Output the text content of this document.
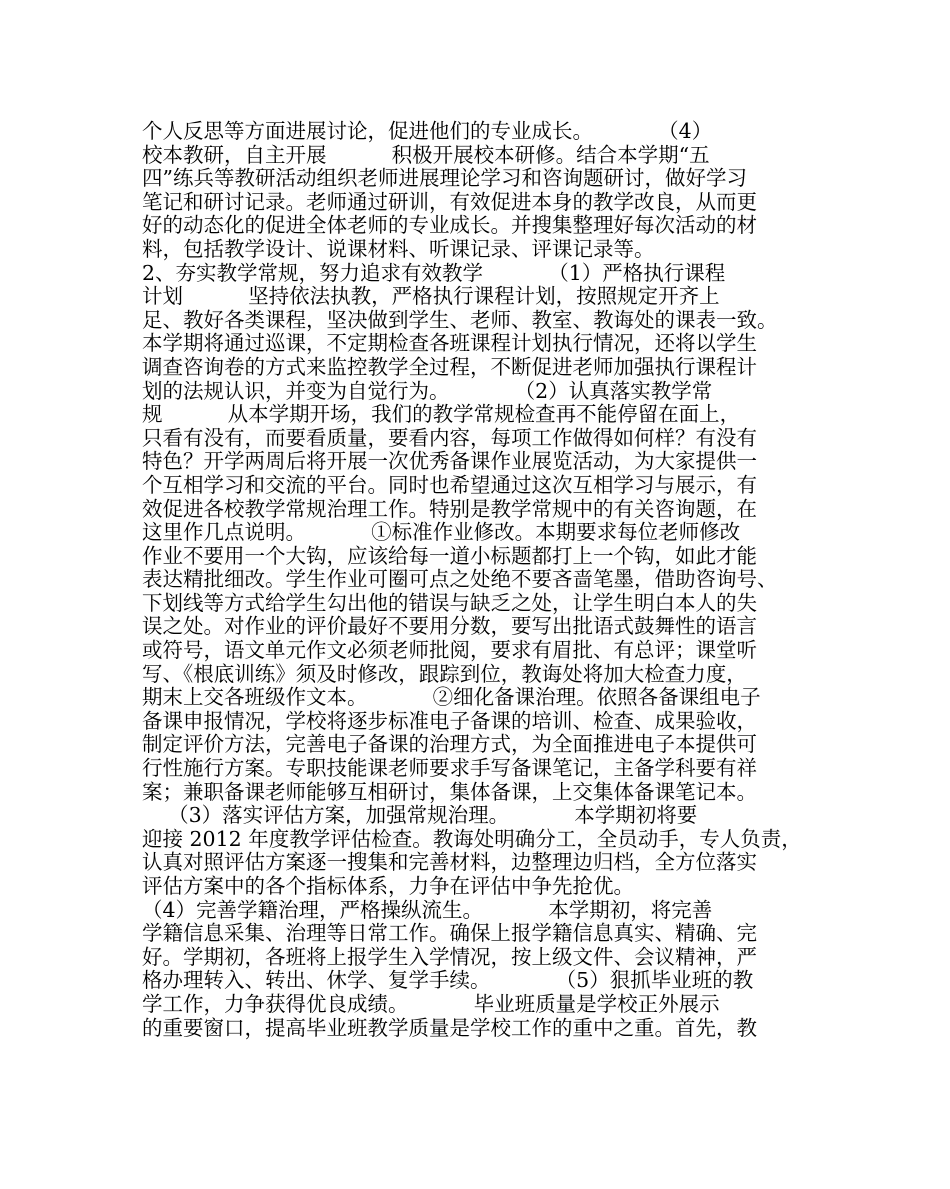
个人反思等方面进展讨论，促进他们的专业成长。          （4）
校本教研，自主开展          积极开展校本研修。结合本学期“五
四”练兵等教研活动组织老师进展理论学习和咨询题研讨，做好学习
笔记和研讨记录。老师通过研训，有效促进本身的教学改良，从而更
好的动态化的促进全体老师的专业成长。并搜集整理好每次活动的材
料，包括教学设计、说课材料、听课记录、评课记录等。
2、夯实教学常规，努力追求有效教学          （1）严格执行课程
计划          坚持依法执教，严格执行课程计划，按照规定开齐上
足、教好各类课程，坚决做到学生、老师、教室、教诲处的课表一致。
本学期将通过巡课，不定期检查各班课程计划执行情况，还将以学生
调查咨询卷的方式来监控教学全过程，不断促进老师加强执行课程计
划的法规认识，并变为自觉行为。          （2）认真落实教学常
规          从本学期开场，我们的教学常规检查再不能停留在面上，
只看有没有，而要看质量，要看内容，每项工作做得如何样？有没有
特色？开学两周后将开展一次优秀备课作业展览活动，为大家提供一
个互相学习和交流的平台。同时也希望通过这次互相学习与展示，有
效促进各校教学常规治理工作。特别是教学常规中的有关咨询题，在
这里作几点说明。          ①标准作业修改。本期要求每位老师修改
作业不要用一个大钩，应该给每一道小标题都打上一个钩，如此才能
表达精批细改。学生作业可圈可点之处绝不要吝啬笔墨，借助咨询号、
下划线等方式给学生勾出他的错误与缺乏之处，让学生明白本人的失
误之处。对作业的评价最好不要用分数，要写出批语式鼓舞性的语言
或符号，语文单元作文必须老师批阅，要求有眉批、有总评；课堂听
写、《根底训练》须及时修改，跟踪到位，教诲处将加大检查力度，
期末上交各班级作文本。          ②细化备课治理。依照各备课组电子
备课申报情况，学校将逐步标准电子备课的培训、检查、成果验收，
制定评价方法，完善电子备课的治理方式，为全面推进电子本提供可
行性施行方案。专职技能课老师要求手写备课笔记，主备学科要有祥
案；兼职备课老师能够互相研讨，集体备课，上交集体备课笔记本。
（3）落实评估方案，加强常规治理。          本学期初将要
迎接 2012 年度教学评估检查。教诲处明确分工，全员动手，专人负责，
认真对照评估方案逐一搜集和完善材料，边整理边归档，全方位落实
评估方案中的各个指标体系，力争在评估中争先抢优。
（4）完善学籍治理，严格操纵流生。          本学期初，将完善
学籍信息采集、治理等日常工作。确保上报学籍信息真实、精确、完
好。学期初，各班将上报学生入学情况，按上级文件、会议精神，严
格办理转入、转出、休学、复学手续。          （5）狠抓毕业班的教
学工作，力争获得优良成绩。          毕业班质量是学校正外展示
的重要窗口，提高毕业班教学质量是学校工作的重中之重。首先，教
